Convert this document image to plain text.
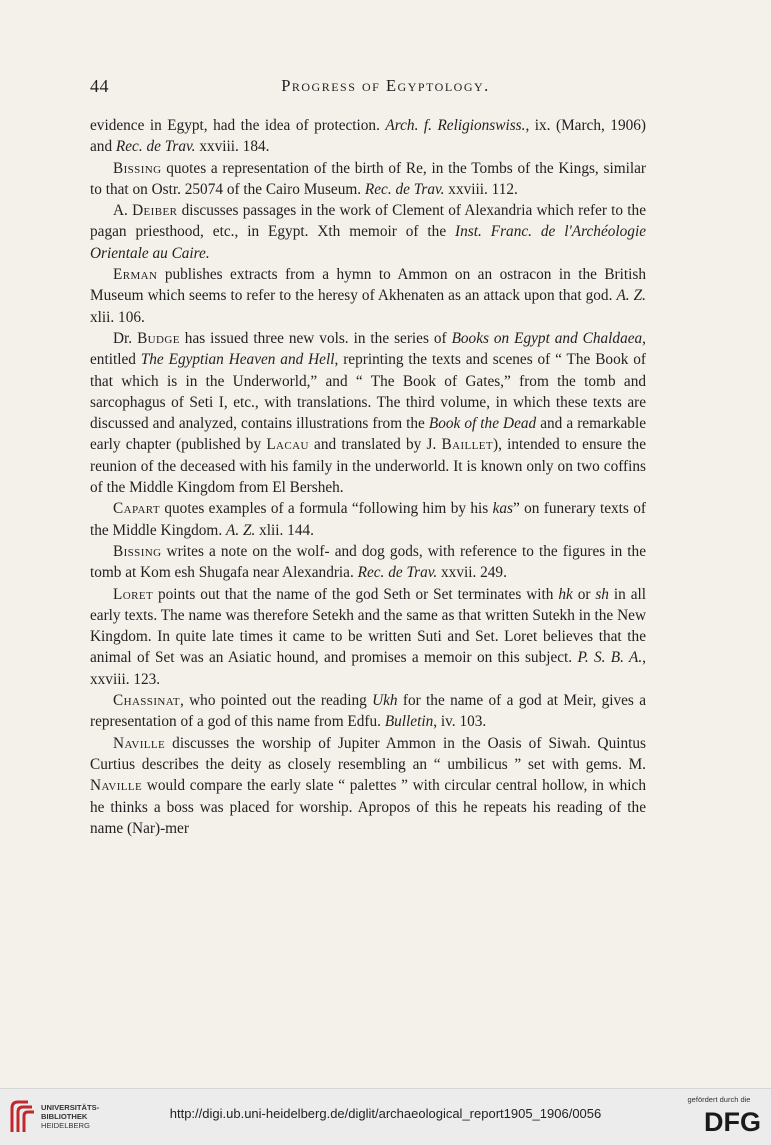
44	Progress of Egyptology.

evidence in Egypt, had the idea of protection. Arch. f. Religionswiss., ix. (March, 1906) and Rec. de Trav. xxviii. 184.

Bissing quotes a representation of the birth of Re, in the Tombs of the Kings, similar to that on Ostr. 25074 of the Cairo Museum. Rec. de Trav. xxviii. 112.

A. Deiber discusses passages in the work of Clement of Alexandria which refer to the pagan priesthood, etc., in Egypt. Xth memoir of the Inst. Franc. de l'Archéologie Orientale au Caire.

Erman publishes extracts from a hymn to Ammon on an ostracon in the British Museum which seems to refer to the heresy of Akhenaten as an attack upon that god. A. Z. xlii. 106.

Dr. Budge has issued three new vols. in the series of Books on Egypt and Chaldaea, entitled The Egyptian Heaven and Hell, reprinting the texts and scenes of “ The Book of that which is in the Underworld,” and “ The Book of Gates,” from the tomb and sarcophagus of Seti I, etc., with translations. The third volume, in which these texts are discussed and analyzed, contains illustrations from the Book of the Dead and a remarkable early chapter (published by Lacau and translated by J. Baillet), intended to ensure the reunion of the deceased with his family in the underworld. It is known only on two coffins of the Middle Kingdom from El Bersheh.

Capart quotes examples of a formula “following him by his kas” on funerary texts of the Middle Kingdom. A. Z. xlii. 144.

Bissing writes a note on the wolf- and dog gods, with reference to the figures in the tomb at Kom esh Shugafa near Alexandria. Rec. de Trav. xxvii. 249.

Loret points out that the name of the god Seth or Set terminates with hk or sh in all early texts. The name was therefore Setekh and the same as that written Sutekh in the New Kingdom. In quite late times it came to be written Suti and Set. Loret believes that the animal of Set was an Asiatic hound, and promises a memoir on this subject. P. S. B. A., xxviii. 123.

Chassinat, who pointed out the reading Ukh for the name of a god at Meir, gives a representation of a god of this name from Edfu. Bulletin, iv. 103.

Naville discusses the worship of Jupiter Ammon in the Oasis of Siwah. Quintus Curtius describes the deity as closely resembling an “ umbilicus ” set with gems. M. Naville would compare the early slate “ palettes ” with circular central hollow, in which he thinks a boss was placed for worship. Apropos of this he repeats his reading of the name (Nar)-mer

UNIVERSITÄTS-
BIBLIOTHEK
HEIDELBERG
http://digi.ub.uni-heidelberg.de/diglit/archaeological_report1905_1906/0056
gefördert durch die
DFG
